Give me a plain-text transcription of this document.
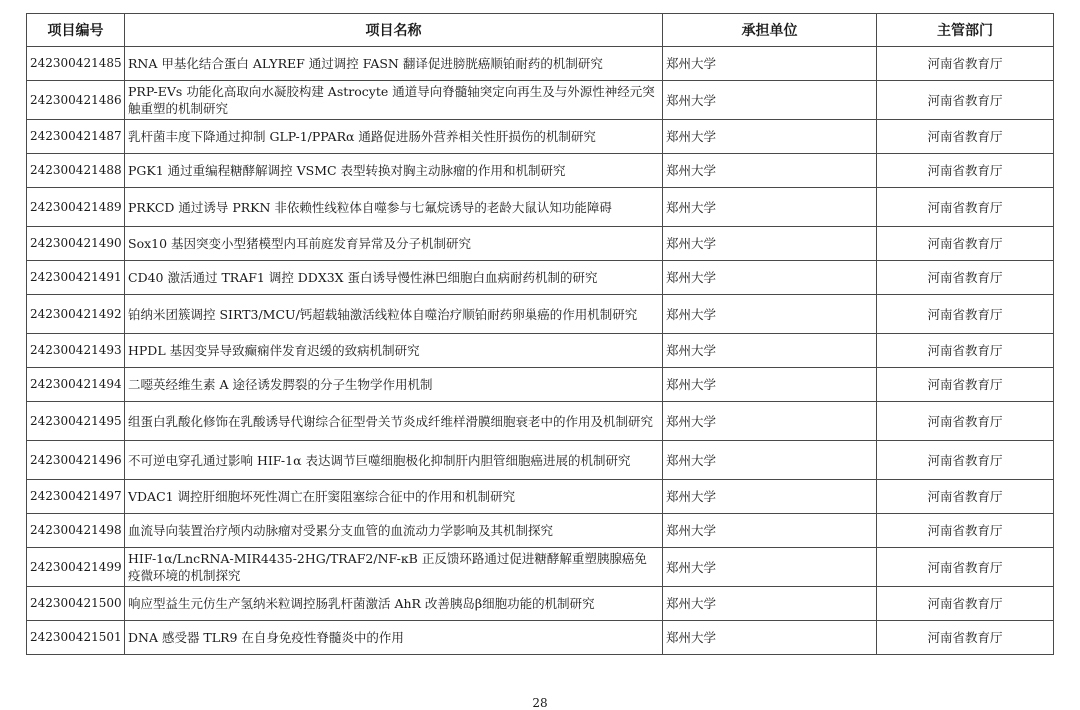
项目编号	项目名称	承担单位	主管部门
242300421485	RNA 甲基化结合蛋白 ALYREF 通过调控 FASN 翻译促进膀胱癌顺铂耐药的机制研究	郑州大学	河南省教育厅
242300421486	PRP-EVs 功能化高取向水凝胶构建 Astrocyte 通道导向脊髓轴突定向再生及与外源性神经元突触重塑的机制研究	郑州大学	河南省教育厅
242300421487	乳杆菌丰度下降通过抑制 GLP-1/PPARα 通路促进肠外营养相关性肝损伤的机制研究	郑州大学	河南省教育厅
242300421488	PGK1 通过重编程糖酵解调控 VSMC 表型转换对胸主动脉瘤的作用和机制研究	郑州大学	河南省教育厅
242300421489	PRKCD 通过诱导 PRKN 非依赖性线粒体自噬参与七氟烷诱导的老龄大鼠认知功能障碍	郑州大学	河南省教育厅
242300421490	Sox10 基因突变小型猪模型内耳前庭发育异常及分子机制研究	郑州大学	河南省教育厅
242300421491	CD40 激活通过 TRAF1 调控 DDX3X 蛋白诱导慢性淋巴细胞白血病耐药机制的研究	郑州大学	河南省教育厅
242300421492	铂纳米团簇调控 SIRT3/MCU/钙超载轴激活线粒体自噬治疗顺铂耐药卵巢癌的作用机制研究	郑州大学	河南省教育厅
242300421493	HPDL 基因变异导致癫痫伴发育迟缓的致病机制研究	郑州大学	河南省教育厅
242300421494	二噁英经维生素 A 途径诱发腭裂的分子生物学作用机制	郑州大学	河南省教育厅
242300421495	组蛋白乳酸化修饰在乳酸诱导代谢综合征型骨关节炎成纤维样滑膜细胞衰老中的作用及机制研究	郑州大学	河南省教育厅
242300421496	不可逆电穿孔通过影响 HIF-1α 表达调节巨噬细胞极化抑制肝内胆管细胞癌进展的机制研究	郑州大学	河南省教育厅
242300421497	VDAC1 调控肝细胞坏死性凋亡在肝窦阻塞综合征中的作用和机制研究	郑州大学	河南省教育厅
242300421498	血流导向装置治疗颅内动脉瘤对受累分支血管的血流动力学影响及其机制探究	郑州大学	河南省教育厅
242300421499	HIF-1α/LncRNA-MIR4435-2HG/TRAF2/NF-κB 正反馈环路通过促进糖酵解重塑胰腺癌免疫微环境的机制探究	郑州大学	河南省教育厅
242300421500	响应型益生元仿生产氢纳米粒调控肠乳杆菌激活 AhR 改善胰岛β细胞功能的机制研究	郑州大学	河南省教育厅
242300421501	DNA 感受器 TLR9 在自身免疫性脊髓炎中的作用	郑州大学	河南省教育厅
28
